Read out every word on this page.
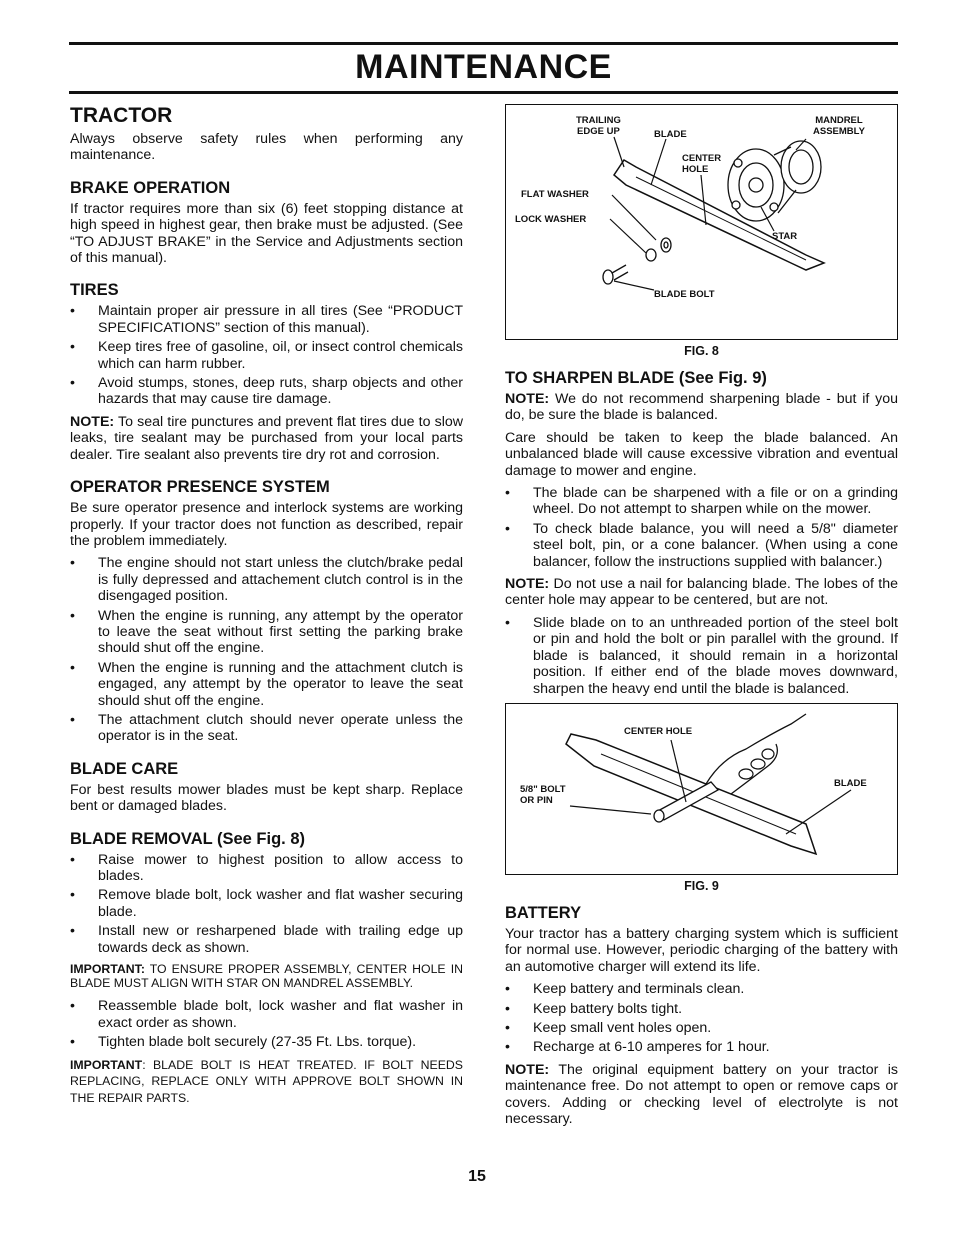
MAINTENANCE
TRACTOR

Always observe safety rules when performing any maintenance.

BRAKE OPERATION

If tractor requires more than six (6) feet stopping distance at high speed in highest gear, then brake must be adjusted. (See “TO ADJUST BRAKE” in the Service and Adjustments section of this manual).

TIRES
• Maintain proper air pressure in all tires (See “PRODUCT SPECIFICATIONS” section of this manual).
• Keep tires free of gasoline, oil, or insect control chemicals which can harm rubber.
• Avoid stumps, stones, deep ruts, sharp objects and other hazards that may cause tire damage.

NOTE: To seal tire punctures and prevent flat tires due to slow leaks, tire sealant may be purchased from your local parts dealer. Tire sealant also prevents tire dry rot and corrosion.

OPERATOR PRESENCE SYSTEM

Be sure operator presence and interlock systems are working properly. If your tractor does not function as described, repair the problem immediately.

• The engine should not start unless the clutch/brake pedal is fully depressed and attachement clutch control is in the disengaged position.
• When the engine is running, any attempt by the operator to leave the seat without first setting the parking brake should shut off the engine.
• When the engine is running and the attachment clutch is engaged, any attempt by the operator to leave the seat should shut off the engine.
• The attachment clutch should never operate unless the operator is in the seat.
BLADE CARE

For best results mower blades must be kept sharp. Replace bent or damaged blades.

BLADE REMOVAL (See Fig. 8)
• Raise mower to highest position to allow access to blades.
• Remove blade bolt, lock washer and flat washer securing blade.
• Install new or resharpened blade with trailing edge up towards deck as shown.

IMPORTANT: TO ENSURE PROPER ASSEMBLY, CENTER HOLE IN BLADE MUST ALIGN WITH STAR ON MANDREL ASSEMBLY.

• Reassemble blade bolt, lock washer and flat washer in exact order as shown.
• Tighten blade bolt securely (27-35 Ft. Lbs. torque).

IMPORTANT: BLADE BOLT IS HEAT TREATED. IF BOLT NEEDS REPLACING, REPLACE ONLY WITH APPROVE BOLT SHOWN IN THE REPAIR PARTS.

TRAILING
EDGE UP	BLADE
MANDREL
ASSEMBLY
CENTER
HOLE
FLAT WASHER
LOCK WASHER
STAR
BLADE BOLT
FIG. 8
TO SHARPEN BLADE (See Fig. 9)

NOTE: We do not recommend sharpening blade - but if you do, be sure the blade is balanced.

Care should be taken to keep the blade balanced. An unbalanced blade will cause excessive vibration and eventual damage to mower and engine.

• The blade can be sharpened with a file or on a grinding wheel. Do not attempt to sharpen while on the mower.
• To check blade balance, you will need a 5/8" diameter steel bolt, pin, or a cone balancer. (When using a cone balancer, follow the instructions supplied with balancer.)

NOTE: Do not use a nail for balancing blade. The lobes of the center hole may appear to be centered, but are not.

• Slide blade on to an unthreaded portion of the steel bolt or pin and hold the bolt or pin parallel with the ground. If blade is balanced, it should remain in a horizontal position. If either end of the blade moves downward, sharpen the heavy end until the blade is balanced.
CENTER HOLE
5/8" BOLT
OR PIN
BLADE
FIG. 9
BATTERY

Your tractor has a battery charging system which is sufficient for normal use. However, periodic charging of the battery with an automotive charger will extend its life.

• Keep battery and terminals clean.
• Keep battery bolts tight.
• Keep small vent holes open.
• Recharge at 6-10 amperes for 1 hour.

NOTE: The original equipment battery on your tractor is maintenance free. Do not attempt to open or remove caps or covers. Adding or checking level of electrolyte is not necessary.

15
